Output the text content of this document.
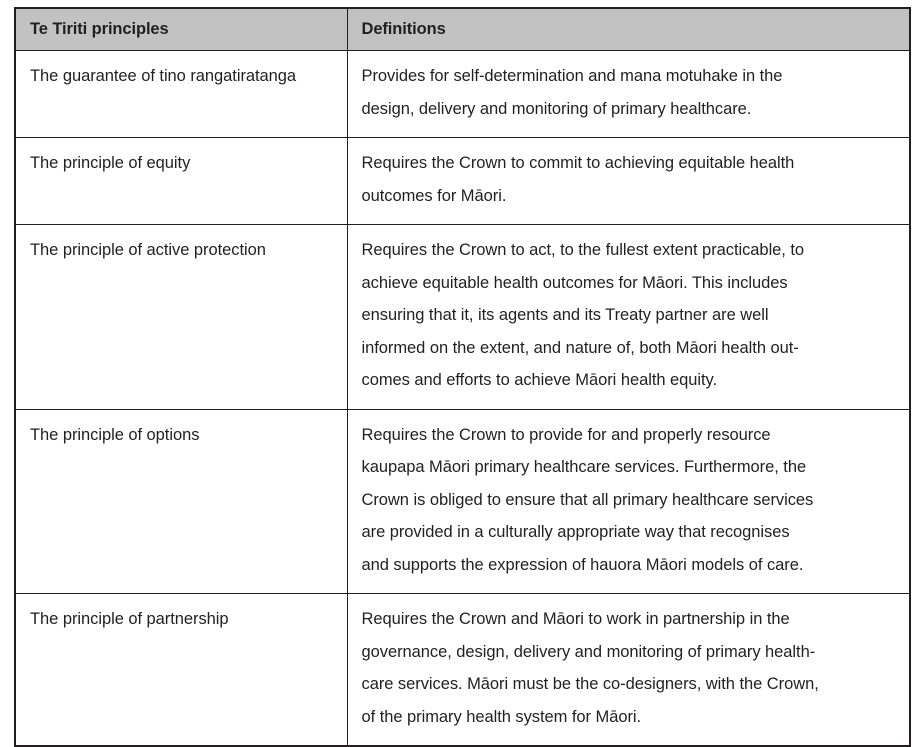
Te Tiriti principles	Definitions
The guarantee of tino rangatiratanga	Provides for self-determination and mana motuhake in the
design, delivery and monitoring of primary healthcare.

The principle of equity	Requires the Crown to commit to achieving equitable health
outcomes for Māori.

The principle of active protection	Requires the Crown to act, to the fullest extent practicable, to
achieve equitable health outcomes for Māori. This includes
ensuring that it, its agents and its Treaty partner are well
informed on the extent, and nature of, both Māori health out-
comes and efforts to achieve Māori health equity.

The principle of options	Requires the Crown to provide for and properly resource
kaupapa Māori primary healthcare services. Furthermore, the
Crown is obliged to ensure that all primary healthcare services
are provided in a culturally appropriate way that recognises
and supports the expression of hauora Māori models of care.

The principle of partnership	Requires the Crown and Māori to work in partnership in the
governance, design, delivery and monitoring of primary health-
care services. Māori must be the co-designers, with the Crown,
of the primary health system for Māori.
